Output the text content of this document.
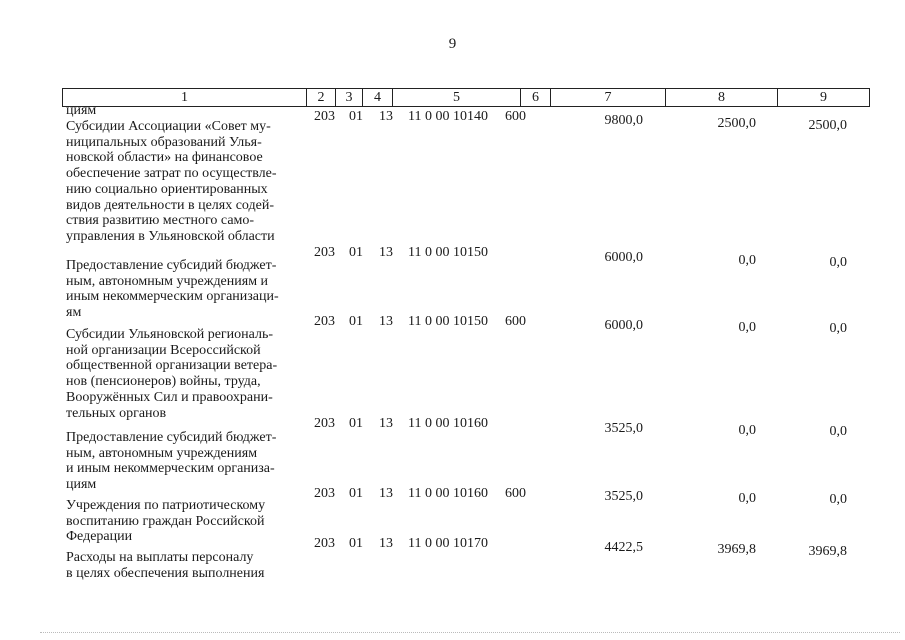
9
1	2	3	4	5	6	7	8	9
циям
Субсидии Ассоциации «Совет му-
ниципальных образований Улья-
новской области» на финансовое
обеспечение затрат по осуществле-
нию социально ориентированных
видов деятельности в целях содей-
ствия развитию местного само-
управления в Ульяновской области
203 01 13 11 0 00 10140 600	9800,0	2500,0	2500,0
Предоставление субсидий бюджет-
ным, автономным учреждениям и
иным некоммерческим организаци-
ям
203 01 13 11 0 00 10150	6000,0	0,0	0,0
Субсидии Ульяновской региональ-
ной организации Всероссийской
общественной организации ветера-
нов (пенсионеров) войны, труда,
Вооружённых Сил и правоохрани-
тельных органов
203 01 13 11 0 00 10150 600	6000,0	0,0	0,0
Предоставление субсидий бюджет-
ным, автономным учреждениям
и иным некоммерческим организа-
циям
203 01 13 11 0 00 10160	3525,0	0,0	0,0
Учреждения по патриотическому
воспитанию граждан Российской
Федерации
203 01 13 11 0 00 10160 600	3525,0	0,0	0,0
Расходы на выплаты персоналу
в целях обеспечения выполнения
203 01 13 11 0 00 10170	4422,5	3969,8	3969,8
